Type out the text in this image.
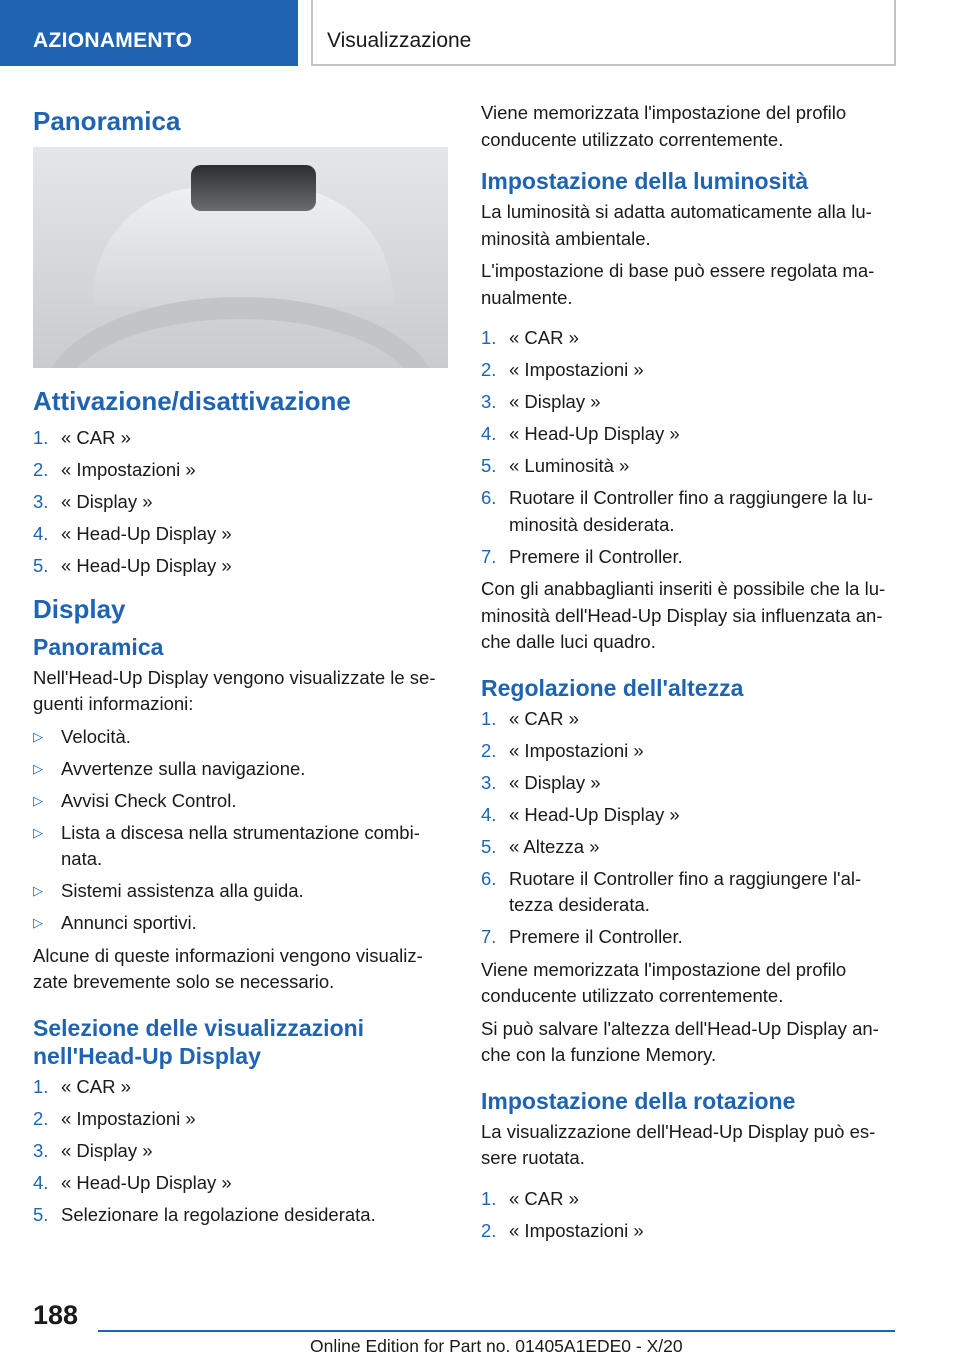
AZIONAMENTO	Visualizzazione
Panoramica
Attivazione/disattivazione
1. « CAR »
2. « Impostazioni »
3. « Display »
4. « Head-Up Display »
5. « Head-Up Display »
Display
Panoramica
Nell'Head-Up Display vengono visualizzate le se- guenti informazioni:
▷ Velocità.
▷ Avvertenze sulla navigazione.
▷ Avvisi Check Control.
▷ Lista a discesa nella strumentazione combi- nata.
▷ Sistemi assistenza alla guida.
▷ Annunci sportivi.
Alcune di queste informazioni vengono visualiz- zate brevemente solo se necessario.
Selezione delle visualizzazioni nell'Head-Up Display
1. « CAR »
2. « Impostazioni »
3. « Display »
4. « Head-Up Display »
5. Selezionare la regolazione desiderata.
Viene memorizzata l'impostazione del profilo conducente utilizzato correntemente.
Impostazione della luminosità
La luminosità si adatta automaticamente alla lu- minosità ambientale.
L'impostazione di base può essere regolata ma- nualmente.
1. « CAR »
2. « Impostazioni »
3. « Display »
4. « Head-Up Display »
5. « Luminosità »
6. Ruotare il Controller fino a raggiungere la lu- minosità desiderata.
7. Premere il Controller.
Con gli anabbaglianti inseriti è possibile che la lu- minosità dell'Head-Up Display sia influenzata an- che dalle luci quadro.
Regolazione dell'altezza
1. « CAR »
2. « Impostazioni »
3. « Display »
4. « Head-Up Display »
5. « Altezza »
6. Ruotare il Controller fino a raggiungere l'al- tezza desiderata.
7. Premere il Controller.
Viene memorizzata l'impostazione del profilo conducente utilizzato correntemente.
Si può salvare l'altezza dell'Head-Up Display an- che con la funzione Memory.
Impostazione della rotazione
La visualizzazione dell'Head-Up Display può es- sere ruotata.
1. « CAR »
2. « Impostazioni »
188
Online Edition for Part no. 01405A1EDE0 - X/20
